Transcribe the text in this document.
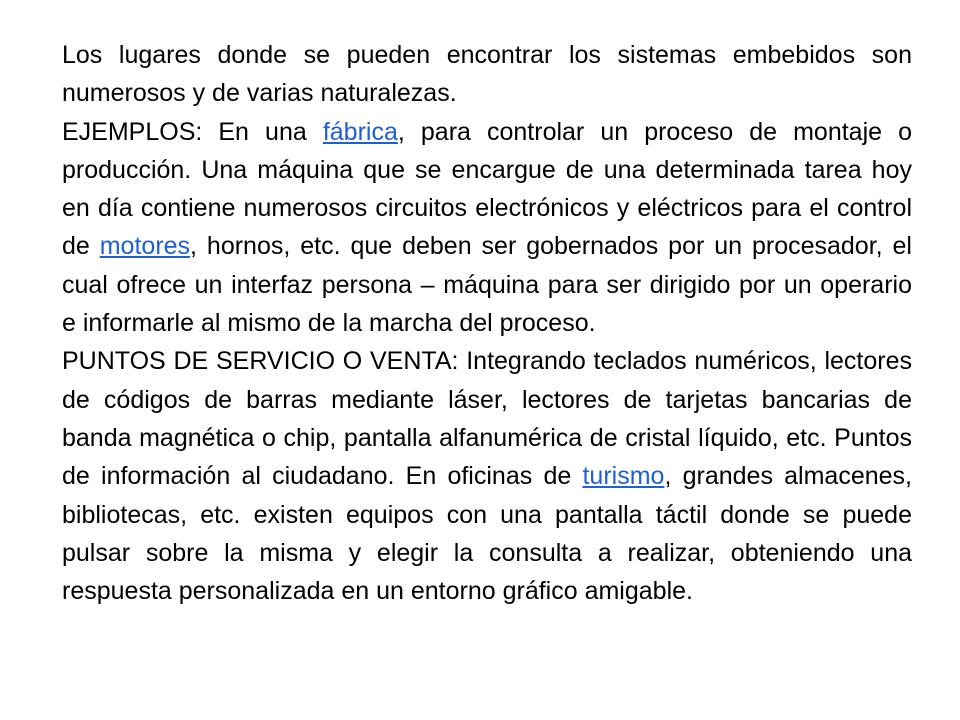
Los lugares donde se pueden encontrar los sistemas embebidos son numerosos y de varias naturalezas.

EJEMPLOS: En una fábrica, para controlar un proceso de montaje o producción. Una máquina que se encargue de una determinada tarea hoy en día contiene numerosos circuitos electrónicos y eléctricos para el control de motores, hornos, etc. que deben ser gobernados por un procesador, el cual ofrece un interfaz persona – máquina para ser dirigido por un operario e informarle al mismo de la marcha del proceso.

PUNTOS DE SERVICIO O VENTA: Integrando teclados numéricos, lectores de códigos de barras mediante láser, lectores de tarjetas bancarias de banda magnética o chip, pantalla alfanumérica de cristal líquido, etc. Puntos de información al ciudadano. En oficinas de turismo, grandes almacenes, bibliotecas, etc. existen equipos con una pantalla táctil donde se puede pulsar sobre la misma y elegir la consulta a realizar, obteniendo una respuesta personalizada en un entorno gráfico amigable.
